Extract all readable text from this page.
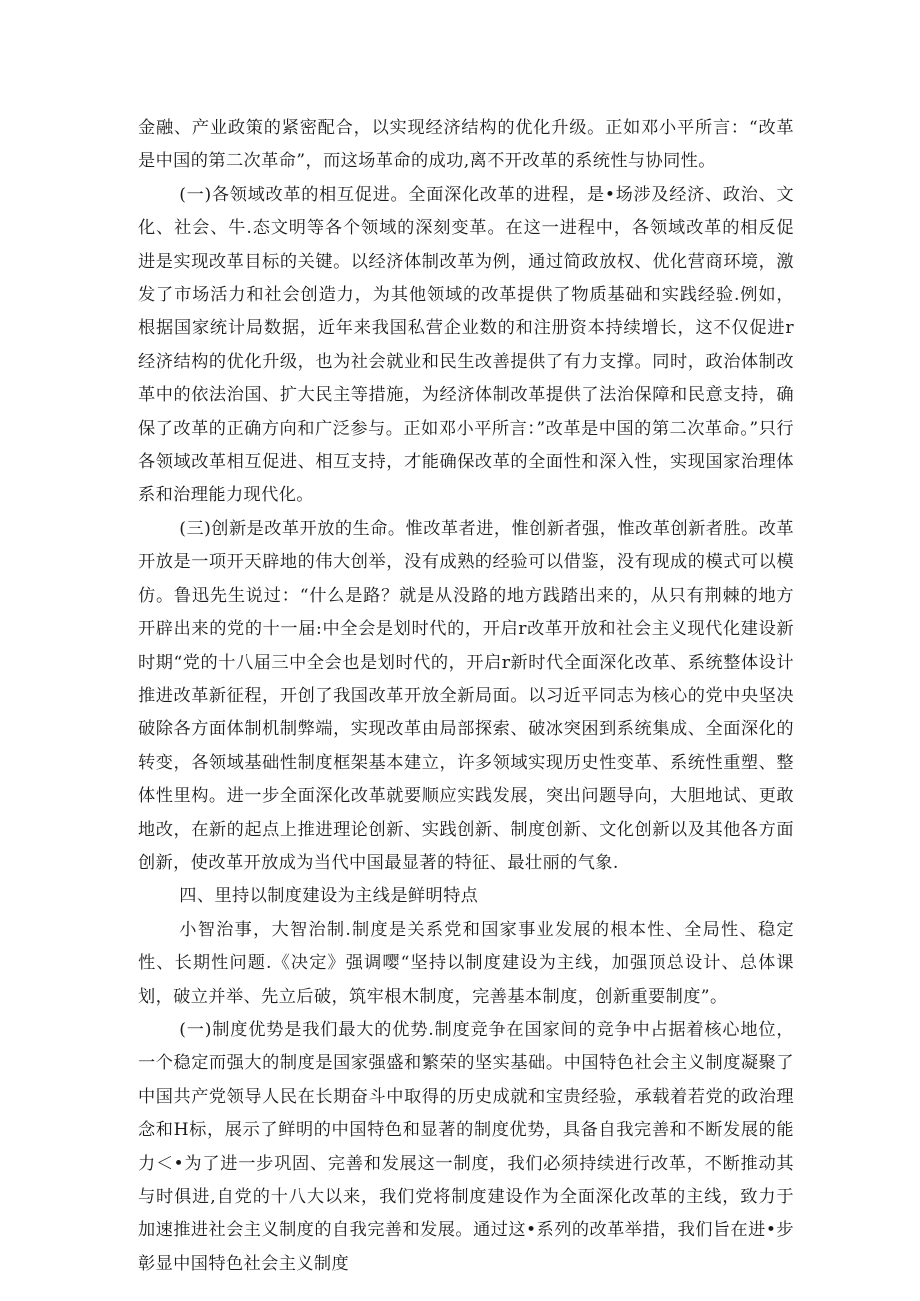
金融、产业政策的紧密配合，以实现经济结构的优化升级。正如邓小平所言：“改革是中国的第二次革命”，而这场革命的成功,离不开改革的系统性与协同性。

(一)各领域改革的相互促进。全面深化改革的进程，是•场涉及经济、政治、文化、社会、牛.态文明等各个领域的深刻变革。在这一进程中，各领域改革的相反促进是实现改革目标的关键。以经济体制改革为例，通过简政放权、优化营商环境，激发了市场活力和社会创造力，为其他领域的改革提供了物质基础和实践经验.例如，根据国家统计局数据，近年来我国私营企业数的和注册资本持续增长，这不仅促进r经济结构的优化升级，也为社会就业和民生改善提供了有力支撑。同时，政治体制改革中的依法治国、扩大民主等措施，为经济体制改革提供了法治保障和民意支持，确保了改革的正确方向和广泛参与。正如邓小平所言：”改革是中国的第二次革命。”只行各领域改革相互促进、相互支持，才能确保改革的全面性和深入性，实现国家治理体系和治理能力现代化。

(三)创新是改革开放的生命。惟改革者进，惟创新者强，惟改革创新者胜。改革开放是一项开天辟地的伟大创举，没有成熟的经验可以借鉴，没有现成的模式可以模仿。鲁迅先生说过：“什么是路？就是从没路的地方践踏出来的，从只有荆棘的地方开辟出来的党的十一届:中全会是划时代的，开启r改革开放和社会主义现代化建设新时期“党的十八届三中全会也是划时代的，开启r新时代全面深化改革、系统整体设计推进改革新征程，开创了我国改革开放全新局面。以习近平同志为核心的党中央坚决破除各方面体制机制弊端，实现改革由局部探索、破冰突困到系统集成、全面深化的转变，各领域基础性制度框架基本建立，许多领域实现历史性变革、系统性重塑、整体性里构。进一步全面深化改革就要顺应实践发展，突出问题导向，大胆地试、更敢地改，在新的起点上推进理论创新、实践创新、制度创新、文化创新以及其他各方面创新，使改革开放成为当代中国最显著的特征、最壮丽的气象.

四、里持以制度建设为主线是鲜明特点

小智治事，大智治制.制度是关系党和国家事业发展的根本性、全局性、稳定性、长期性问题.《决定》强调嘤“坚持以制度建设为主线，加强顶总设计、总体课划，破立并举、先立后破，筑牢根木制度，完善基本制度，创新重要制度”。

(一)制度优势是我们最大的优势.制度竞争在国家间的竞争中占据着核心地位，一个稳定而强大的制度是国家强盛和繁荣的坚实基础。中国特色社会主义制度凝聚了中国共产党领导人民在长期奋斗中取得的历史成就和宝贵经验，承载着若党的政治理念和H标，展示了鲜明的中国特色和显著的制度优势，具备自我完善和不断发展的能力＜•为了进一步巩固、完善和发展这一制度，我们必须持续进行改革，不断推动其与时俱进,自党的十八大以来，我们党将制度建设作为全面深化改革的主线，致力于加速推进社会主义制度的自我完善和发展。通过这•系列的改革举措，我们旨在进•步彰显中国特色社会主义制度
